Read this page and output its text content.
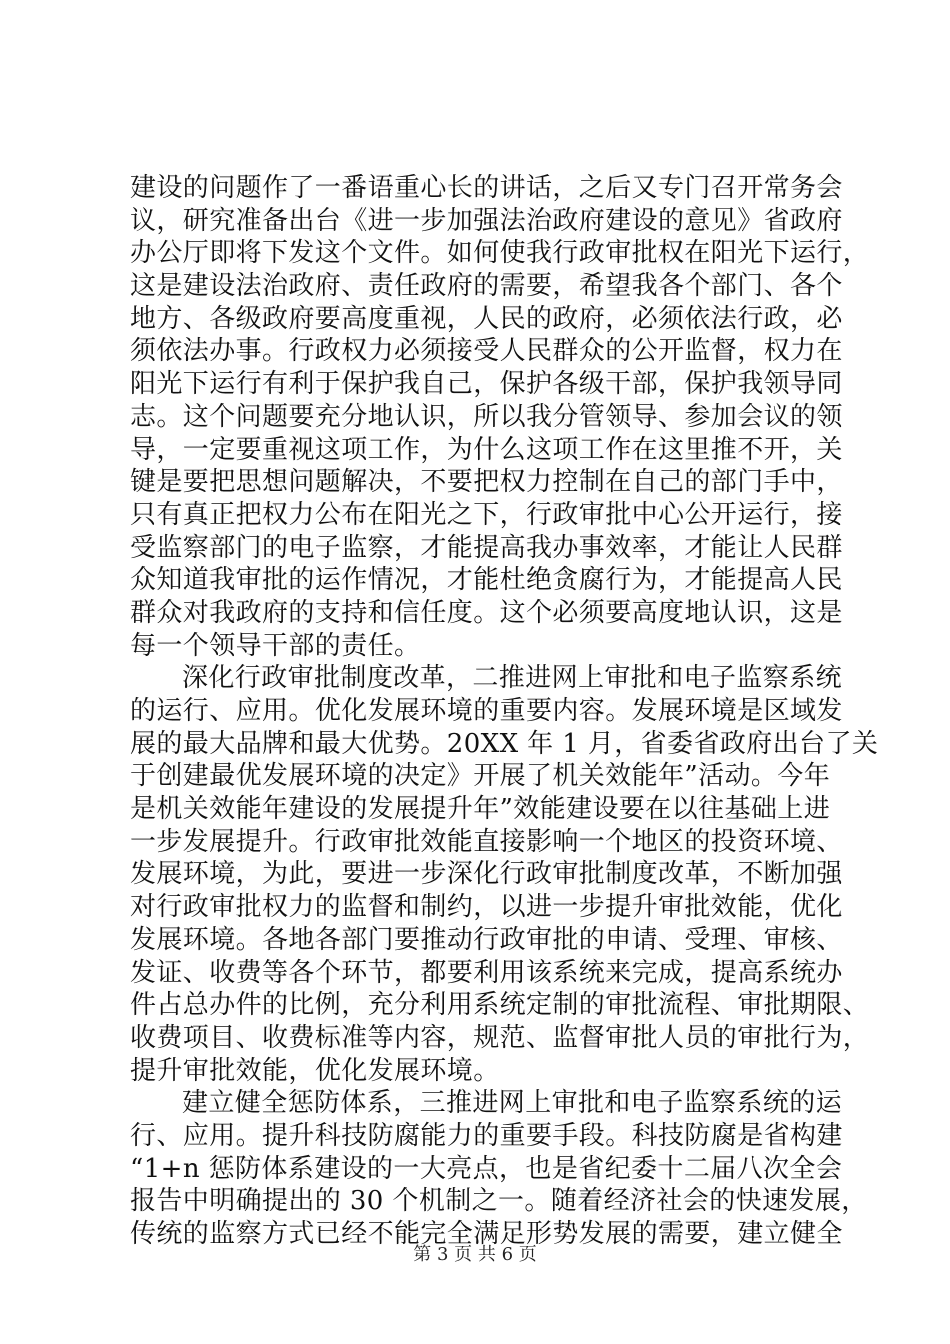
建设的问题作了一番语重心长的讲话，之后又专门召开常务会
议，研究准备出台《进一步加强法治政府建设的意见》省政府
办公厅即将下发这个文件。如何使我行政审批权在阳光下运行，
这是建设法治政府、责任政府的需要，希望我各个部门、各个
地方、各级政府要高度重视，人民的政府，必须依法行政，必
须依法办事。行政权力必须接受人民群众的公开监督，权力在
阳光下运行有利于保护我自己，保护各级干部，保护我领导同
志。这个问题要充分地认识，所以我分管领导、参加会议的领
导，一定要重视这项工作，为什么这项工作在这里推不开，关
键是要把思想问题解决，不要把权力控制在自己的部门手中，
只有真正把权力公布在阳光之下，行政审批中心公开运行，接
受监察部门的电子监察，才能提高我办事效率，才能让人民群
众知道我审批的运作情况，才能杜绝贪腐行为，才能提高人民
群众对我政府的支持和信任度。这个必须要高度地认识，这是
每一个领导干部的责任。
深化行政审批制度改革，二推进网上审批和电子监察系统
的运行、应用。优化发展环境的重要内容。发展环境是区域发
展的最大品牌和最大优势。20XX 年 1 月，省委省政府出台了关
于创建最优发展环境的决定》开展了机关效能年”活动。今年
是机关效能年建设的发展提升年”效能建设要在以往基础上进
一步发展提升。行政审批效能直接影响一个地区的投资环境、
发展环境，为此，要进一步深化行政审批制度改革，不断加强
对行政审批权力的监督和制约，以进一步提升审批效能，优化
发展环境。各地各部门要推动行政审批的申请、受理、审核、
发证、收费等各个环节，都要利用该系统来完成，提高系统办
件占总办件的比例，充分利用系统定制的审批流程、审批期限、
收费项目、收费标准等内容，规范、监督审批人员的审批行为，
提升审批效能，优化发展环境。
建立健全惩防体系，三推进网上审批和电子监察系统的运
行、应用。提升科技防腐能力的重要手段。科技防腐是省构建
“1+n 惩防体系建设的一大亮点，也是省纪委十二届八次全会
报告中明确提出的 30 个机制之一。随着经济社会的快速发展，
传统的监察方式已经不能完全满足形势发展的需要，建立健全
第 3 页 共 6 页
